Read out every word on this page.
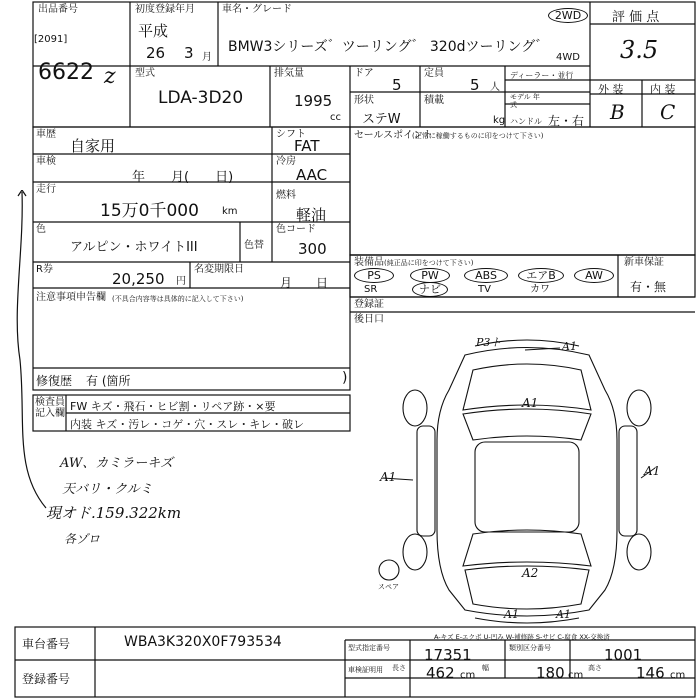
出品番号
[2091]
6622 z
初度登録年月
平成
26 3 月
車名・グレード
BMW3シリーズ゛ツーリング゛ 320dツーリング゛
2WD
4WD
評 価 点
3.5
外 装 内 装
B C
型式
LDA-3D20
排気量
1995
cc
ドア
5
定員
5 人
ディーラー・並行
形状
ステW
積載
kg
モデル 年式
ハンドル 左・右
車歴
自家用
シフト
FAT
車検
年　　月(　　日)
冷房
AAC
走行
15万0千000 km
燃料
軽油
色
アルピン・ホワイトIII	色替
色コード
300
R券
20,250 円
名変期限日
月　　日
注意事項申告欄 (不具合内容等は具体的に記入して下さい)
修復歴 有 (箇所	)
セールスポイント
(正常に稼働するものに印をつけて下さい)
装備品 (純正品に印をつけて下さい)
PS	PW	ABS	エアB	AW
SR	ナビ	TV	カワ
新車保証
有・無
登録証
後日口
検査員 記入欄
FW キズ・飛石・ヒビ割・リペア跡・×要
内装 キズ・汚レ・コゲ・穴・スレ・キレ・破レ
AW、カミラーキズ
天バリ・クルミ
現オド.159.322km
各ゾロ
P3ト	A1
A1
A1	A1
A2
A1	A1
スペア
A-キズ E-エクボ U-凹み W-補修跡 S-サビ C-腐食 XX-交換済
車台番号	WBA3K320X0F793534
登録番号
型式指定番号 17351	類別区分番号	1001
車検証明用 長さ 462 cm
幅	180 cm
高さ 146 cm
